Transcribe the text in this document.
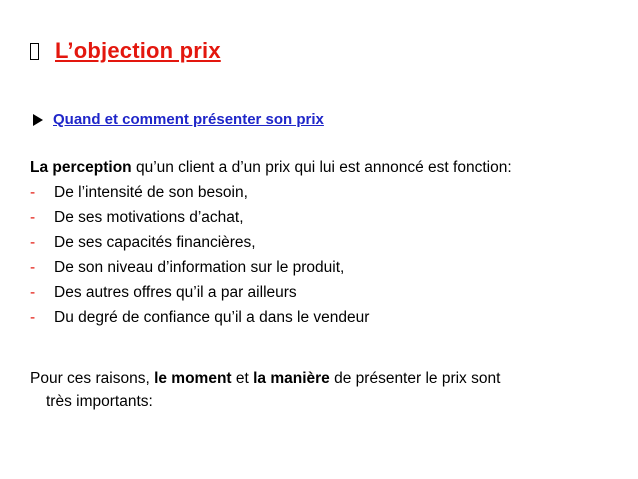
L’objection prix
Quand et comment présenter son prix

La perception qu’un client a d’un prix qui lui est annoncé est fonction:

-	De l’intensité de son besoin,
-	De ses motivations d’achat,
-	De ses capacités financières,
-	De son niveau d’information sur le produit,
-	Des autres offres qu’il a par ailleurs
-	Du degré de confiance qu’il a dans le vendeur
Pour ces raisons, le moment et la manière de présenter le prix sont
très importants:
